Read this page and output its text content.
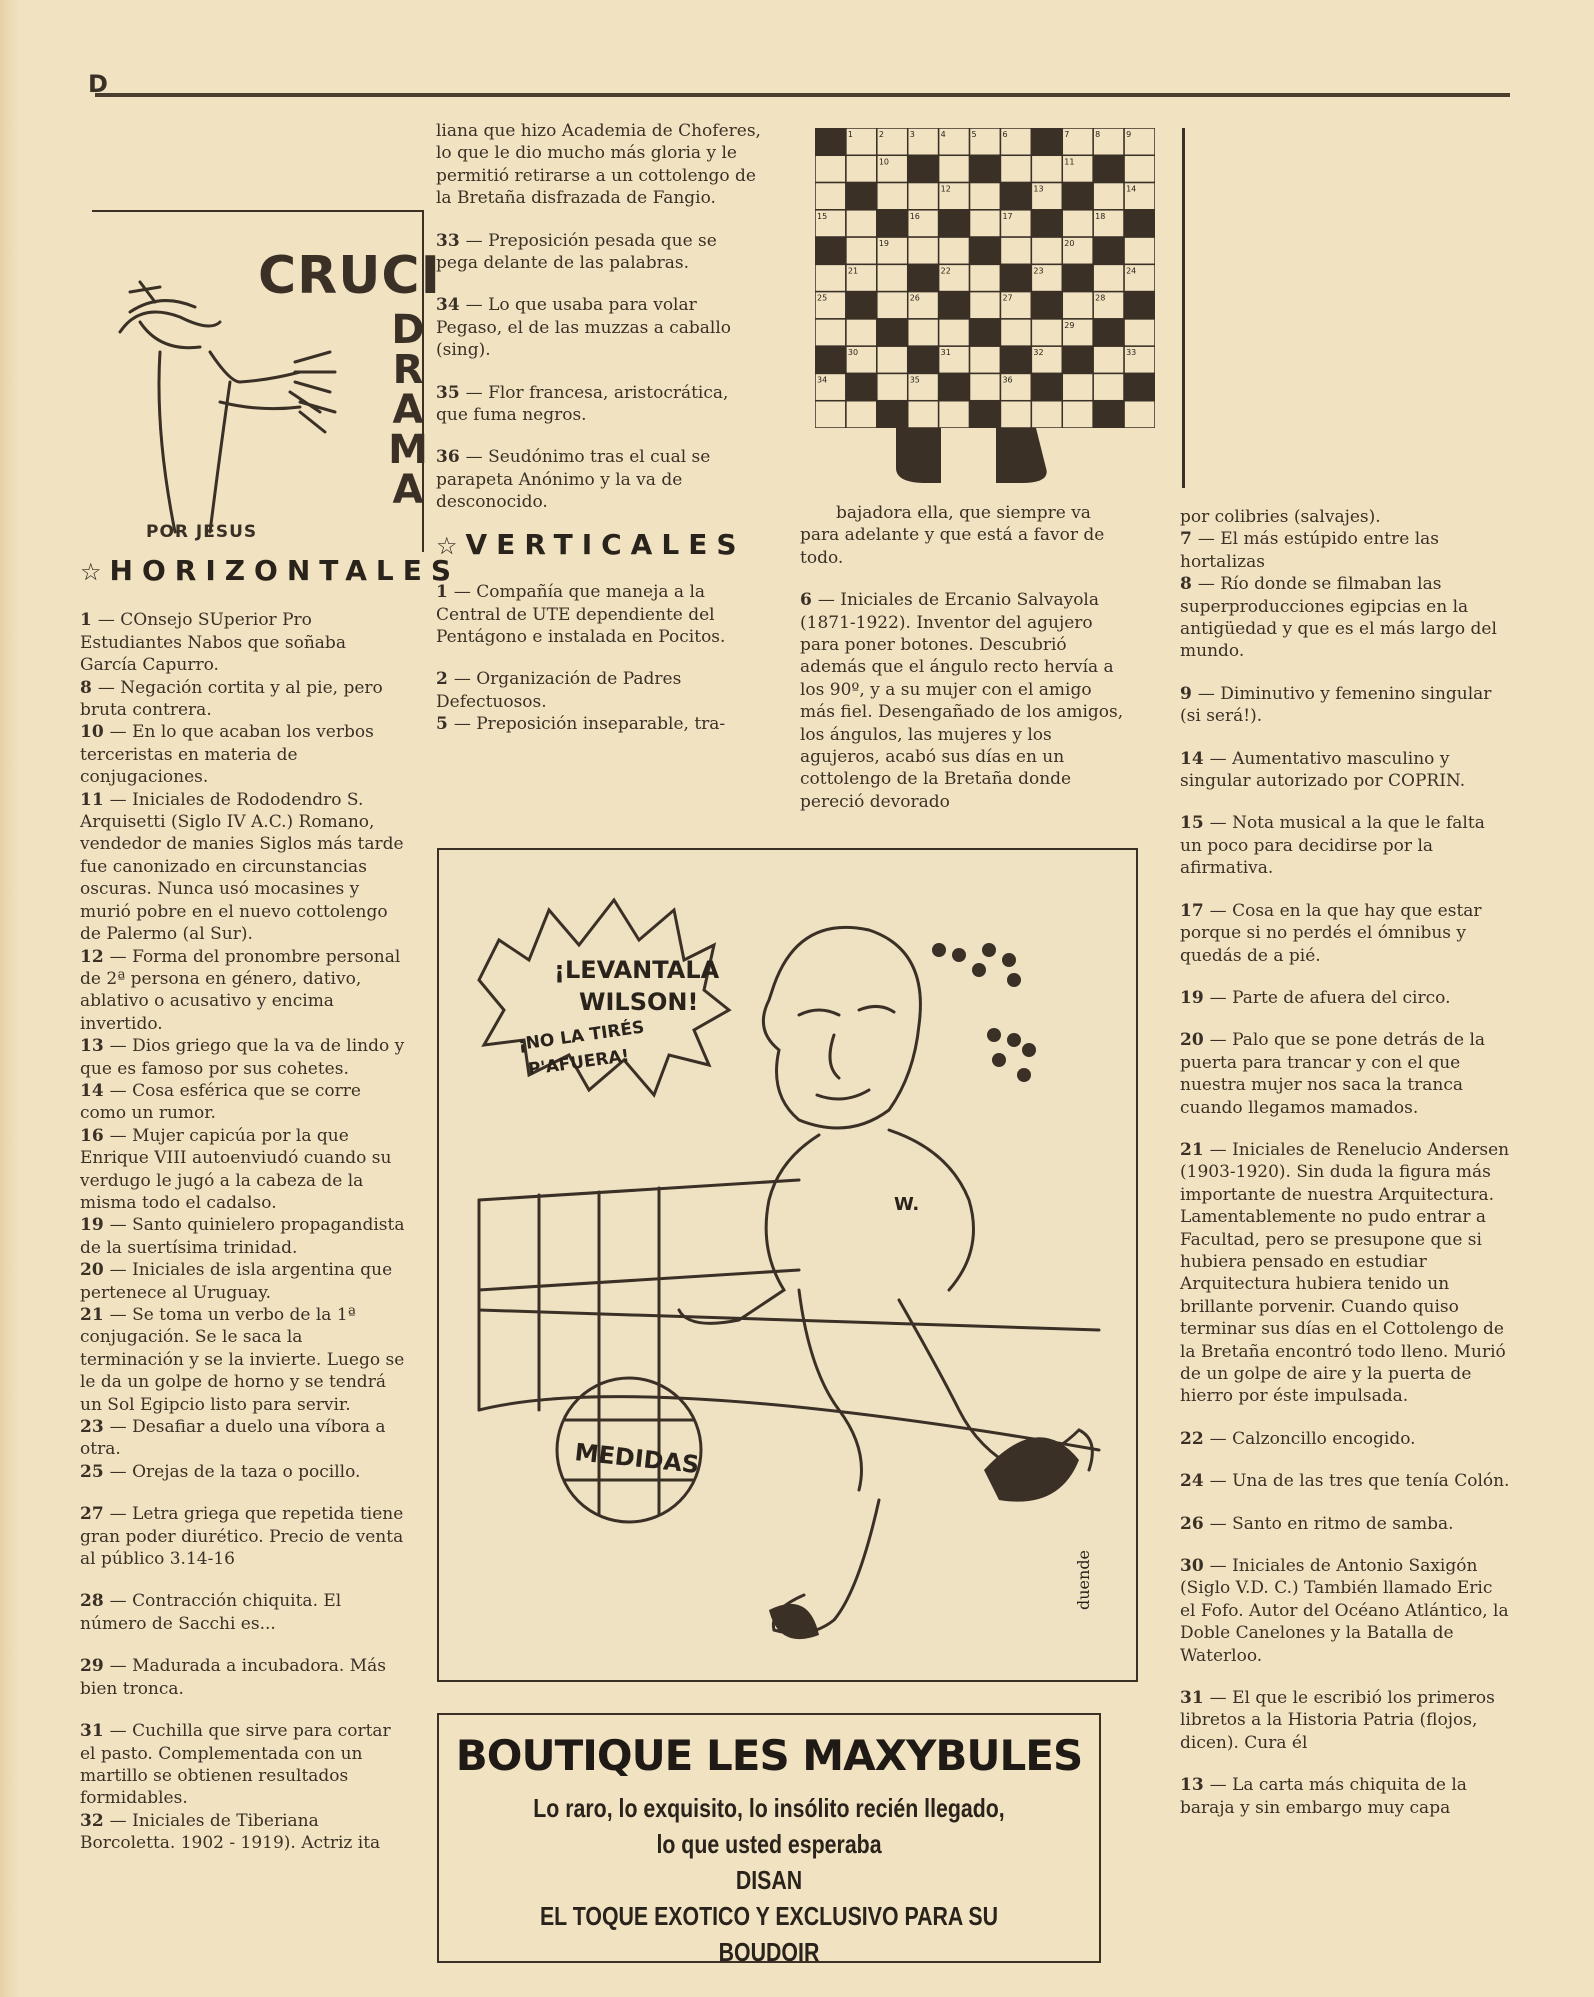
D
CRUCI
D
R
A
M
A
POR JESUS

☆ HORIZONTALES

1 — COnsejo SUperior Pro Estudiantes Nabos que soñaba García Capurro.

8 — Negación cortita y al pie, pero bruta contrera.

10 — En lo que acaban los verbos terceristas en materia de conjugaciones.

11 — Iniciales de Rododendro S. Arquisetti (Siglo IV A.C.) Romano, vendedor de manies Siglos más tarde fue canonizado en circunstancias oscuras. Nunca usó mocasines y murió pobre en el nuevo cottolengo de Palermo (al Sur).

12 — Forma del pronombre personal de 2ª persona en género, dativo, ablativo o acusativo y encima invertido.

13 — Dios griego que la va de lindo y que es famoso por sus cohetes.

14 — Cosa esférica que se corre como un rumor.

16 — Mujer capicúa por la que Enrique VIII autoenviudó cuando su verdugo le jugó a la cabeza de la misma todo el cadalso.

19 — Santo quinielero propagandista de la suertísima trinidad.

20 — Iniciales de isla argentina que pertenece al Uruguay.

21 — Se toma un verbo de la 1ª conjugación. Se le saca la terminación y se la invierte. Luego se le da un golpe de horno y se tendrá un Sol Egipcio listo para servir.

23 — Desafiar a duelo una víbora a otra.

25 — Orejas de la taza o pocillo.

27 — Letra griega que repetida tiene gran poder diurético. Precio de venta al público 3.14-16

28 — Contracción chiquita. El número de Sacchi es...

29 — Madurada a incubadora. Más bien tronca.

31 — Cuchilla que sirve para cortar el pasto. Complementada con un martillo se obtienen resultados formidables.

32 — Iniciales de Tiberiana Borcoletta. 1902 - 1919). Actriz ita

liana que hizo Academia de Choferes, lo que le dio mucho más gloria y le permitió retirarse a un cottolengo de la Bretaña disfrazada de Fangio.

33 — Preposición pesada que se pega delante de las palabras.

34 — Lo que usaba para volar Pegaso, el de las muzzas a caballo (sing).

35 — Flor francesa, aristocrática, que fuma negros.

36 — Seudónimo tras el cual se parapeta Anónimo y la va de desconocido.

☆ VERTICALES

1 — Compañía que maneja a la Central de UTE dependiente del Pentágono e instalada en Pocitos.

2 — Organización de Padres Defectuosos.

5 — Preposición inseparable, tra-

1	2	3	4	5	6	7	8	9
10	11
12	13	14
15	16	17	18
19	20
21	22	23	24
25	26	27	28
29
30	31	32	33
34	35	36

bajadora ella, que siempre va para adelante y que está a favor de todo.

6 — Iniciales de Ercanio Salvayola (1871-1922). Inventor del agujero para poner botones. Descubrió además que el ángulo recto hervía a los 90º, y a su mujer con el amigo más fiel. Desengañado de los amigos, los ángulos, las mujeres y los agujeros, acabó sus días en un cottolengo de la Bretaña donde pereció devorado

por colibries (salvajes).

7 — El más estúpido entre las hortalizas

8 — Río donde se filmaban las superproducciones egipcias en la antigüedad y que es el más largo del mundo.

9 — Diminutivo y femenino singular (si será!).

14 — Aumentativo masculino y singular autorizado por COPRIN.

15 — Nota musical a la que le falta un poco para decidirse por la afirmativa.

17 — Cosa en la que hay que estar porque si no perdés el ómnibus y quedás de a pié.

19 — Parte de afuera del circo.

20 — Palo que se pone detrás de la puerta para trancar y con el que nuestra mujer nos saca la tranca cuando llegamos mamados.

21 — Iniciales de Renelucio Andersen (1903-1920). Sin duda la figura más importante de nuestra Arquitectura. Lamentablemente no pudo entrar a Facultad, pero se presupone que si hubiera pensado en estudiar Arquitectura hubiera tenido un brillante porvenir. Cuando quiso terminar sus días en el Cottolengo de la Bretaña encontró todo lleno. Murió de un golpe de aire y la puerta de hierro por éste impulsada.

22 — Calzoncillo encogido.

24 — Una de las tres que tenía Colón.

26 — Santo en ritmo de samba.

30 — Iniciales de Antonio Saxigón (Siglo V.D. C.) También llamado Eric el Fofo. Autor del Océano Atlántico, la Doble Canelones y la Batalla de Waterloo.

31 — El que le escribió los primeros libretos a la Historia Patria (flojos, dicen). Cura él

13 — La carta más chiquita de la baraja y sin embargo muy capa

¡LEVANTALA
WILSON!
¡NO LA TIRÉS
P'AFUERA!
MEDIDAS
W.
duende
BOUTIQUE LES MAXYBULES
Lo raro, lo exquisito, lo insólito recién llegado,
lo que usted esperaba
DISAN
EL TOQUE EXOTICO Y EXCLUSIVO PARA SU BOUDOIR
